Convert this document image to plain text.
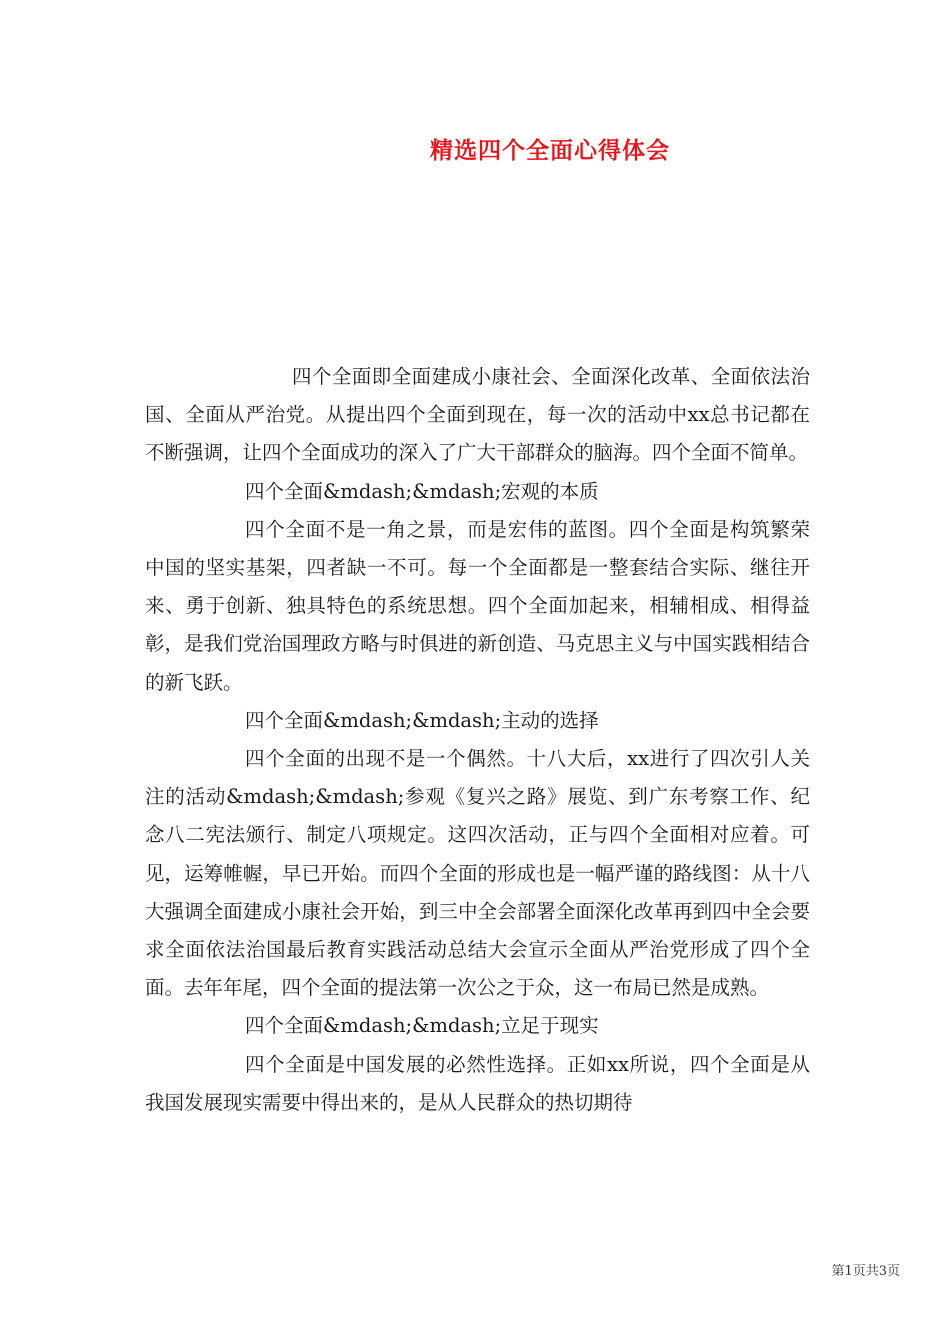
精选四个全面心得体会

四个全面即全面建成小康社会、全面深化改革、全面依法治国、全面从严治党。从提出四个全面到现在，每一次的活动中xx总书记都在不断强调，让四个全面成功的深入了广大干部群众的脑海。四个全面不简单。

四个全面&mdash;&mdash;宏观的本质

四个全面不是一角之景，而是宏伟的蓝图。四个全面是构筑繁荣中国的坚实基架，四者缺一不可。每一个全面都是一整套结合实际、继往开来、勇于创新、独具特色的系统思想。四个全面加起来，相辅相成、相得益彰，是我们党治国理政方略与时俱进的新创造、马克思主义与中国实践相结合的新飞跃。

四个全面&mdash;&mdash;主动的选择

四个全面的出现不是一个偶然。十八大后，xx进行了四次引人关注的活动&mdash;&mdash;参观《复兴之路》展览、到广东考察工作、纪念八二宪法颁行、制定八项规定。这四次活动，正与四个全面相对应着。可见，运筹帷幄，早已开始。而四个全面的形成也是一幅严谨的路线图：从十八大强调全面建成小康社会开始，到三中全会部署全面深化改革再到四中全会要求全面依法治国最后教育实践活动总结大会宣示全面从严治党形成了四个全面。去年年尾，四个全面的提法第一次公之于众，这一布局已然是成熟。

四个全面&mdash;&mdash;立足于现实

四个全面是中国发展的必然性选择。正如xx所说，四个全面是从我国发展现实需要中得出来的，是从人民群众的热切期待

第1页共3页
